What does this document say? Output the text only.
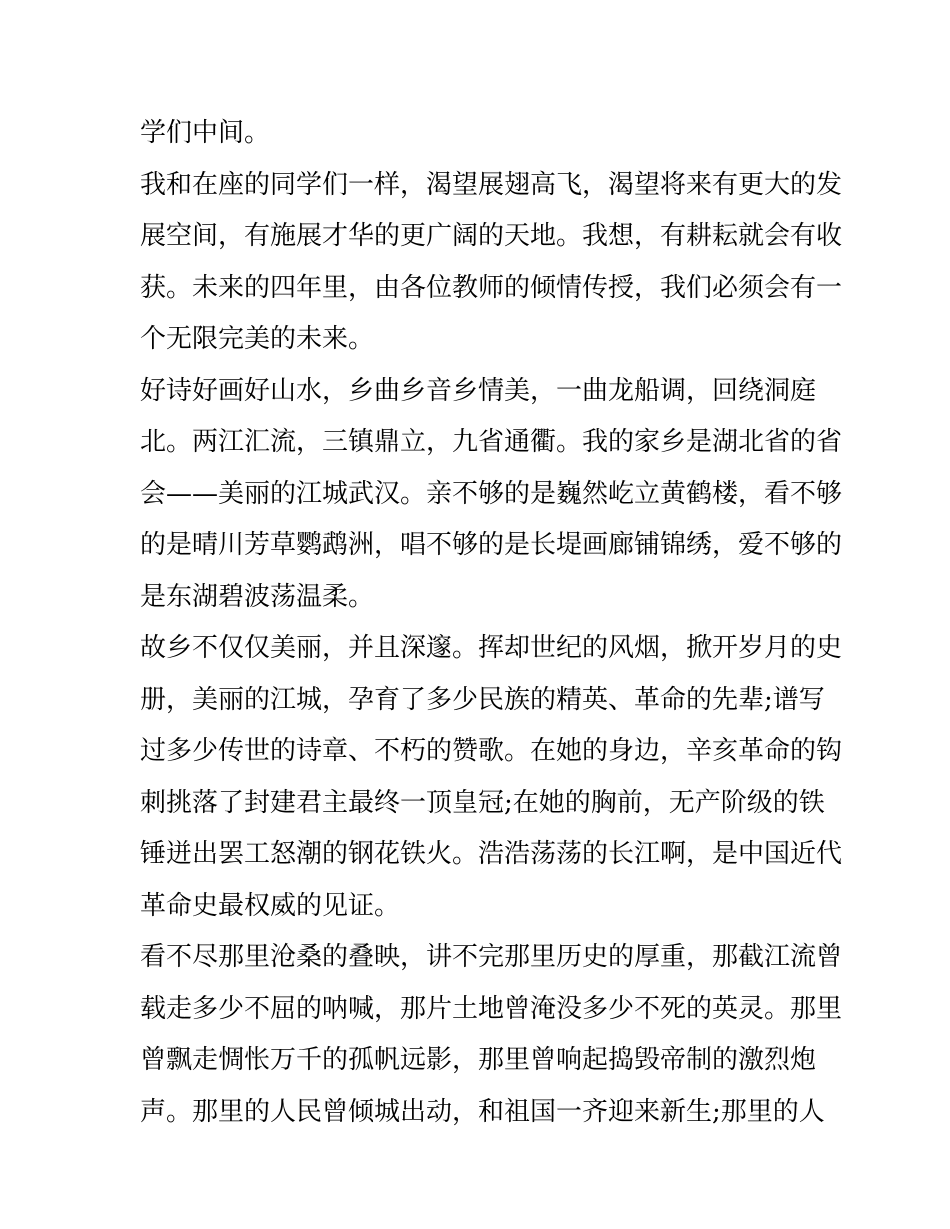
学们中间。
我和在座的同学们一样，渴望展翅高飞，渴望将来有更大的发
展空间，有施展才华的更广阔的天地。我想，有耕耘就会有收
获。未来的四年里，由各位教师的倾情传授，我们必须会有一
个无限完美的未来。
好诗好画好山水，乡曲乡音乡情美，一曲龙船调，回绕洞庭
北。两江汇流，三镇鼎立，九省通衢。我的家乡是湖北省的省
会——美丽的江城武汉。亲不够的是巍然屹立黄鹤楼，看不够
的是晴川芳草鹦鹉洲，唱不够的是长堤画廊铺锦绣，爱不够的
是东湖碧波荡温柔。
故乡不仅仅美丽，并且深邃。挥却世纪的风烟，掀开岁月的史
册，美丽的江城，孕育了多少民族的精英、革命的先辈;谱写
过多少传世的诗章、不朽的赞歌。在她的身边，辛亥革命的钩
刺挑落了封建君主最终一顶皇冠;在她的胸前，无产阶级的铁
锤迸出罢工怒潮的钢花铁火。浩浩荡荡的长江啊，是中国近代
革命史最权威的见证。
看不尽那里沧桑的叠映，讲不完那里历史的厚重，那截江流曾
载走多少不屈的呐喊，那片土地曾淹没多少不死的英灵。那里
曾飘走惆怅万千的孤帆远影，那里曾响起捣毁帝制的激烈炮
声。那里的人民曾倾城出动，和祖国一齐迎来新生;那里的人
